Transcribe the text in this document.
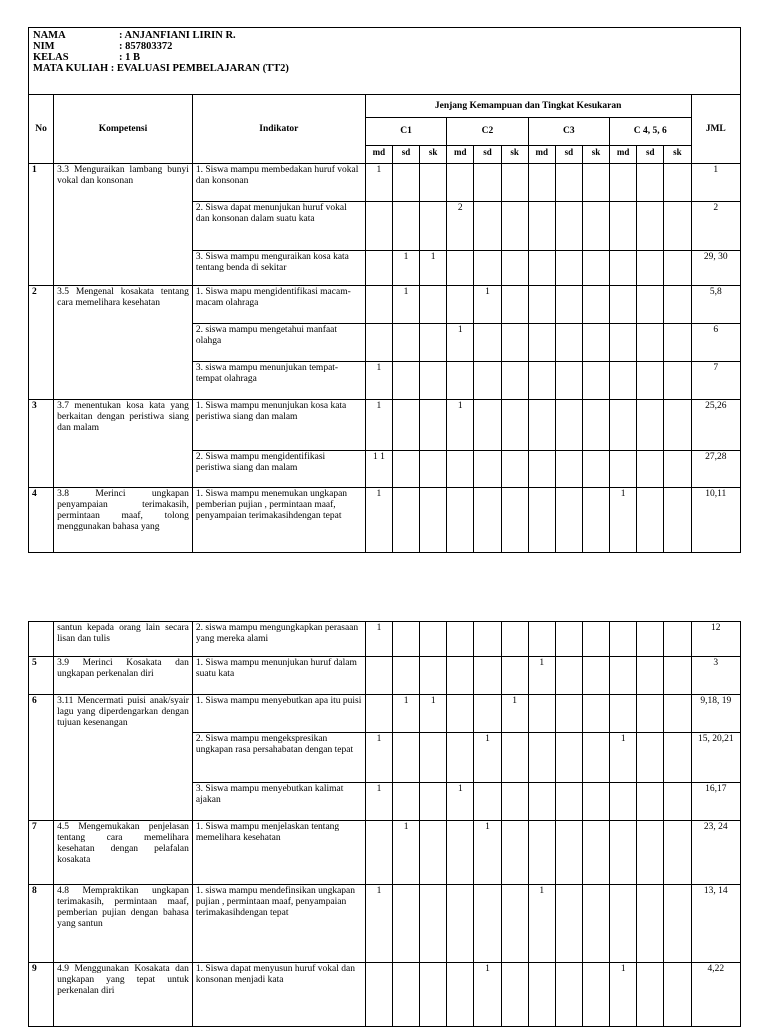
NAMA : ANJANFIANI LIRIN R.
NIM : 857803372
KELAS : 1 B
MATA KULIAH : EVALUASI PEMBELAJARAN (TT2)															

No	Kompetensi	Indikator	Jenjang Kemampuan dan Tingkat Kesukaran												JML
			C1			C2			C3			C 4, 5, 6			
			md	sd	sk	md	sd	sk	md	sd	sk	md	sd	sk	
1	3.3 Menguraikan lambang bunyi vokal dan konsonan	1. Siswa mampu membedakan huruf vokal dan konsonan	1												1
		2. Siswa dapat menunjukan huruf vokal dan konsonan dalam suatu kata				2									2
		3. Siswa mampu menguraikan kosa kata tentang benda di sekitar		1	1										29, 30
2	3.5 Mengenal kosakata tentang cara memelihara kesehatan	1. Siswa mapu mengidentifikasi macam-macam olahraga		1			1								5,8
		2. siswa mampu mengetahui manfaat olahga				1									6
		3. siswa mampu menunjukan tempat-tempat olahraga	1												7
3	3.7 menentukan kosa kata yang berkaitan dengan peristiwa siang dan malam	1. Siswa mampu menunjukan kosa kata peristiwa siang dan malam	1			1									25,26
		2. Siswa mampu mengidentifikasi peristiwa siang dan malam	1 1												27,28
4	3.8 Merinci ungkapan penyampaian terimakasih, permintaan maaf, tolong menggunakan bahasa yang	1. Siswa mampu menemukan ungkapan pemberian pujian , permintaan maaf, penyampaian terimakasihdengan tepat	1									1			10,11
	santun kepada orang lain secara lisan dan tulis	2. siswa mampu mengungkapkan perasaan yang mereka alami	1												12
5	3.9 Merinci Kosakata dan ungkapan perkenalan diri	1. Siswa mampu menunjukan huruf dalam suatu kata							1						3
6	3.11 Mencermati puisi anak/syair lagu yang diperdengarkan dengan tujuan kesenangan	1. Siswa mampu menyebutkan apa itu puisi		1	1			1							9,18, 19
		2. Siswa mampu mengekspresikan ungkapan rasa persahabatan dengan tepat	1				1					1			15, 20,21
		3. Siswa mampu menyebutkan kalimat ajakan	1			1									16,17
7	4.5 Mengemukakan penjelasan tentang cara memelihara kesehatan dengan pelafalan kosakata	1. Siswa mampu menjelaskan tentang memelihara kesehatan		1			1								23, 24
8	4.8 Mempraktikan ungkapan terimakasih, permintaan maaf, pemberian pujian dengan bahasa yang santun	1. siswa mampu mendefinsikan ungkapan pujian , permintaan maaf, penyampaian terimakasihdengan tepat	1						1						13, 14
9	4.9 Menggunakan Kosakata dan ungkapan yang tepat untuk perkenalan diri	1. Siswa dapat menyusun huruf vokal dan konsonan menjadi kata					1					1			4,22
